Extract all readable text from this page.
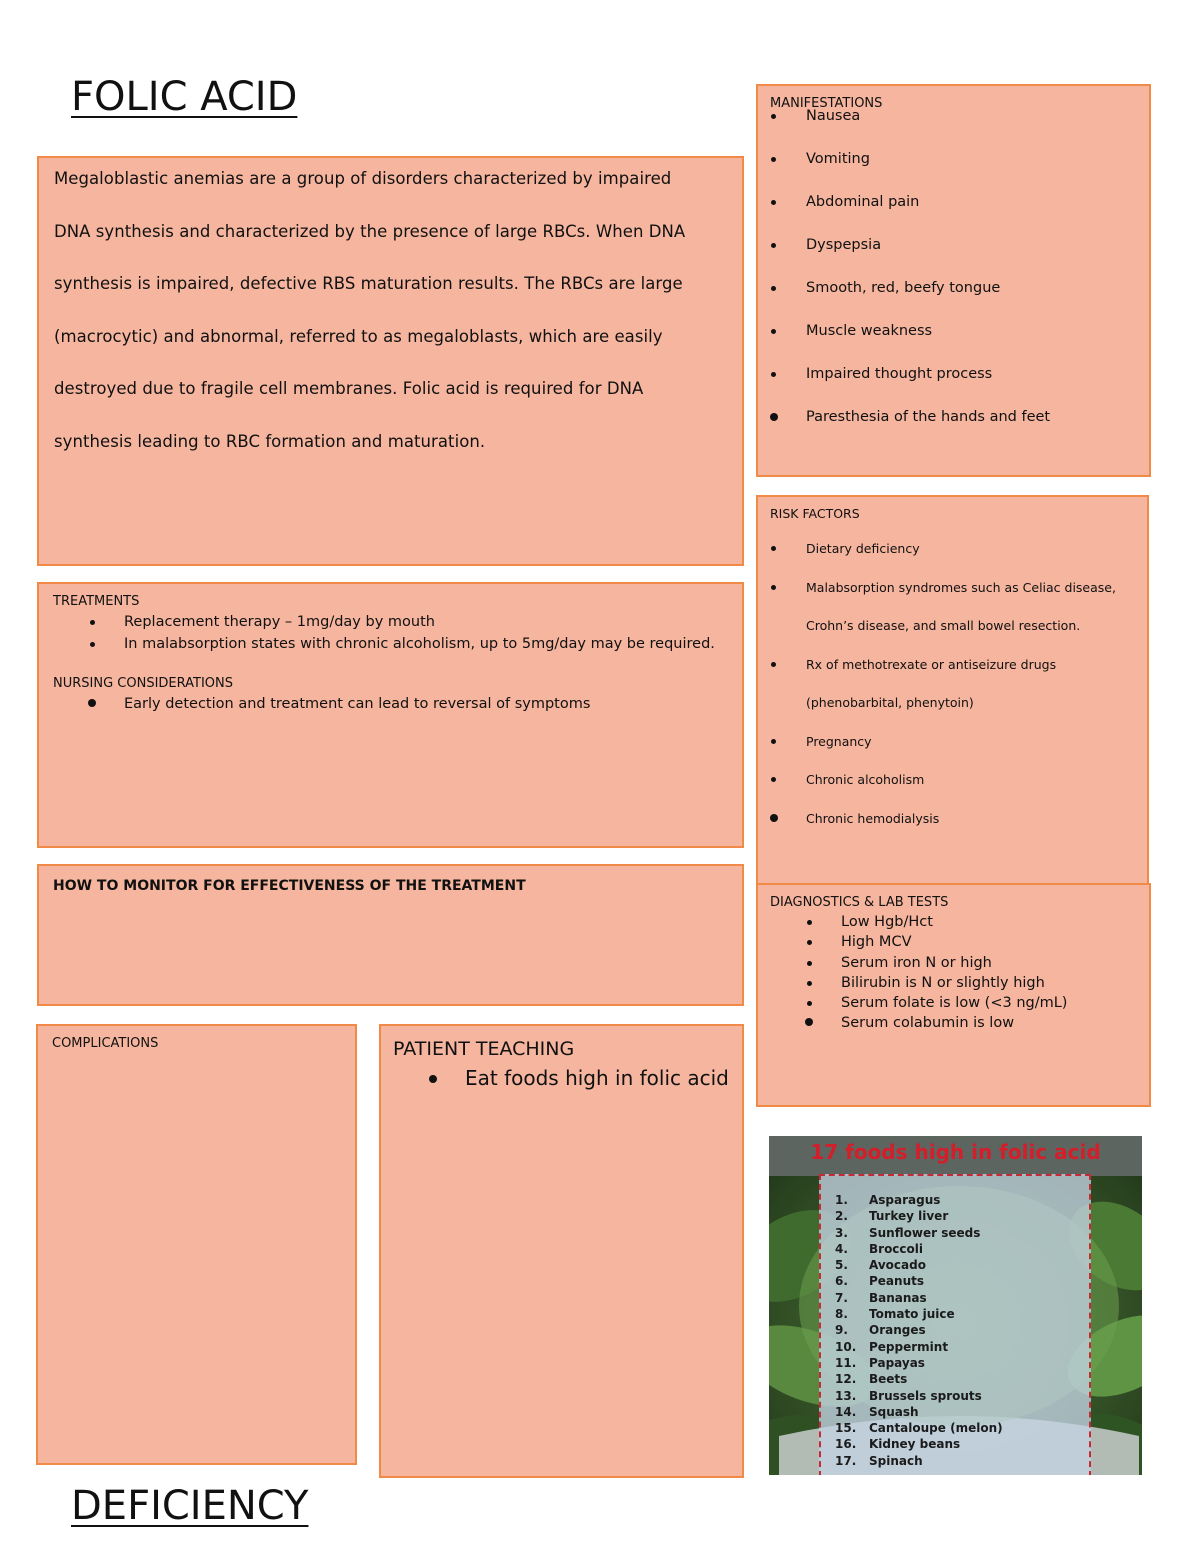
FOLIC ACID
DEFICIENCY

Megaloblastic anemias are a group of disorders characterized by impaired
DNA synthesis and characterized by the presence of large RBCs. When DNA
synthesis is impaired, defective RBS maturation results. The RBCs are large
(macrocytic) and abnormal, referred to as megaloblasts, which are easily
destroyed due to fragile cell membranes. Folic acid is required for DNA
synthesis leading to RBC formation and maturation.

TREATMENTS
Replacement therapy – 1mg/day by mouth
In malabsorption states with chronic alcoholism, up to 5mg/day may be required.
NURSING CONSIDERATIONS
Early detection and treatment can lead to reversal of symptoms
HOW TO MONITOR FOR EFFECTIVENESS OF THE TREATMENT
COMPLICATIONS	PATIENT TEACHING
Eat foods high in folic acid
MANIFESTATIONS
Nausea
Vomiting
Abdominal pain
Dyspepsia
Smooth, red, beefy tongue
Muscle weakness
Impaired thought process
Paresthesia of the hands and feet
RISK FACTORS
Dietary deficiency
Malabsorption syndromes such as Celiac disease,
Crohn’s disease, and small bowel resection.
Rx of methotrexate or antiseizure drugs
(phenobarbital, phenytoin)
Pregnancy
Chronic alcoholism
Chronic hemodialysis
DIAGNOSTICS & LAB TESTS
Low Hgb/Hct
High MCV
Serum iron N or high
Bilirubin is N or slightly high
Serum folate is low (<3 ng/mL)
Serum colabumin is low
17 foods high in folic acid
1. Asparagus
2. Turkey liver
3. Sunflower seeds
4. Broccoli
5. Avocado
6. Peanuts
7. Bananas
8. Tomato juice
9. Oranges
10. Peppermint
11. Papayas
12. Beets
13. Brussels sprouts
14. Squash
15. Cantaloupe (melon)
16. Kidney beans
17. Spinach
